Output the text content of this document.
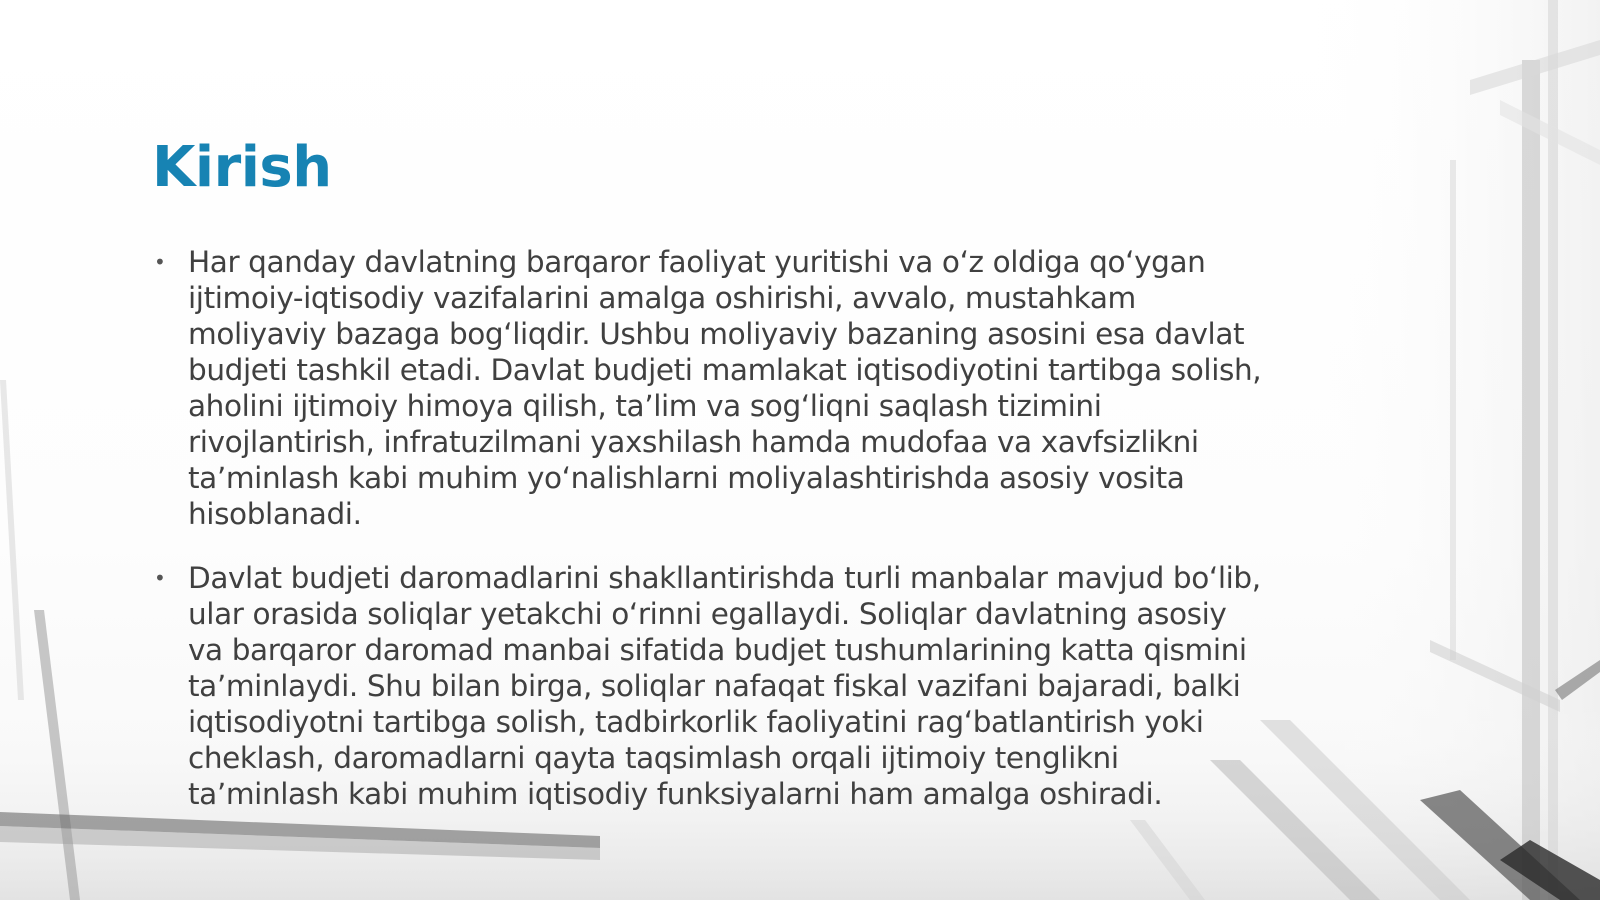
Kirish
• Har qanday davlatning barqaror faoliyat yuritishi va o‘z oldiga qo‘ygan ijtimoiy-iqtisodiy vazifalarini amalga oshirishi, avvalo, mustahkam moliyaviy bazaga bog‘liqdir. Ushbu moliyaviy bazaning asosini esa davlat budjeti tashkil etadi. Davlat budjeti mamlakat iqtisodiyotini tartibga solish, aholini ijtimoiy himoya qilish, ta’lim va sog‘liqni saqlash tizimini rivojlantirish, infratuzilmani yaxshilash hamda mudofaa va xavfsizlikni ta’minlash kabi muhim yo‘nalishlarni moliyalashtirishda asosiy vosita hisoblanadi.

• Davlat budjeti daromadlarini shakllantirishda turli manbalar mavjud bo‘lib, ular orasida soliqlar yetakchi o‘rinni egallaydi. Soliqlar davlatning asosiy va barqaror daromad manbai sifatida budjet tushumlarining katta qismini ta’minlaydi. Shu bilan birga, soliqlar nafaqat fiskal vazifani bajaradi, balki iqtisodiyotni tartibga solish, tadbirkorlik faoliyatini rag‘batlantirish yoki cheklash, daromadlarni qayta taqsimlash orqali ijtimoiy tenglikni ta’minlash kabi muhim iqtisodiy funksiyalarni ham amalga oshiradi.
